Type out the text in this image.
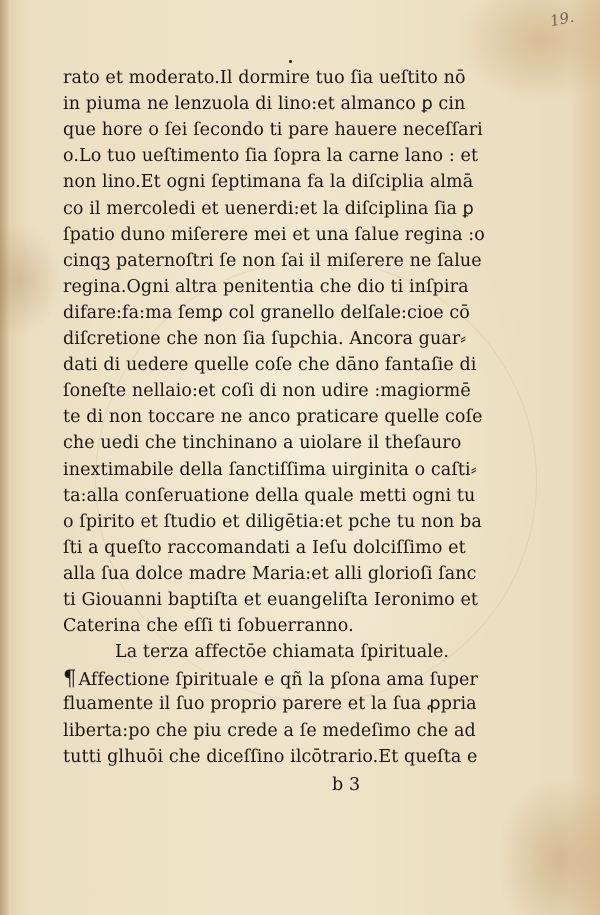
19.
rato et moderato.Il dormire tuo ſia ueſtito nō
in piuma ne lenzuola di lino:et almanco ꝑ cin
que hore o ſei ſecondo ti pare hauere neceſſari
o.Lo tuo ueſtimento ſia ſopra la carne lano : et
non lino.Et ogni ſeptimana fa la diſciplia almā
co il mercoledi et uenerdi:et la diſciplina ſia ꝑ
ſpatio duno miſerere mei et una ſalue regina :o
cinqꝫ paternoſtri ſe non ſai il miſerere ne ſalue
regina.Ogni altra penitentia che dio ti inſpira
difare:fa:ma ſemꝑ col granello delſale:cioe cō
diſcretione che non ſia ſupchia. Ancora guar⸗
dati di uedere quelle coſe che dāno fantaſie di
ſoneſte nellaio:et coſi di non udire :magiormē
te di non toccare ne anco praticare quelle coſe
che uedi che tinchinano a uiolare il theſauro
inextimabile della ſanctiſſima uirginita o caſti⸗
ta:alla conſeruatione della quale metti ogni tu
o ſpirito et ſtudio et diligētia:et pche tu non ba
ſti a queſto raccomandati a Ieſu dolciſſimo et
alla ſua dolce madre Maria:et alli glorioſi ſanc
ti Giouanni baptiſta et euangeliſta Ieronimo et
Caterina che eſſi ti ſobuerranno.
La terza affectōe chiamata ſpirituale.
¶ Affectione ſpirituale e qñ la pſona ama ſuper
fluamente il ſuo proprio parere et la ſua ꝓpria
liberta:po che piu crede a ſe medeſimo che ad
tutti glhuōi che diceſſino ilcōtrario.Et queſta e
b 3
